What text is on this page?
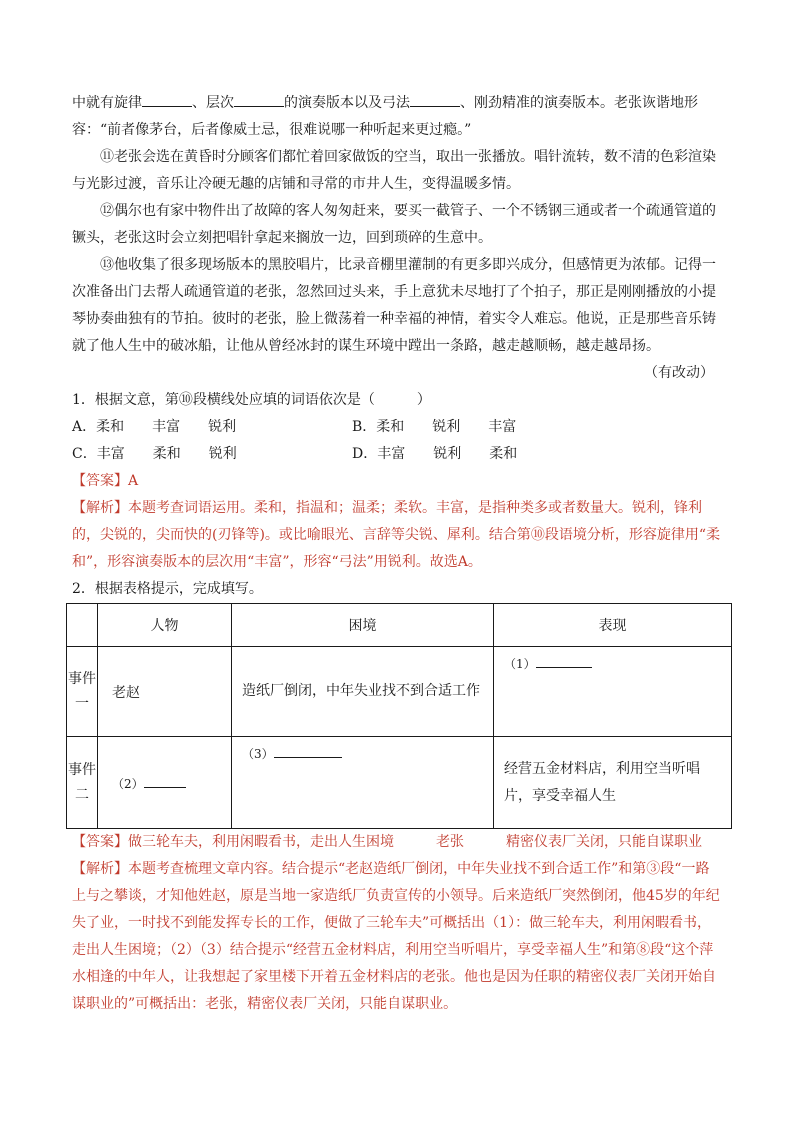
中就有旋律	、层次	的演奏版本以及弓法	、刚劲精准的演奏版本。老张诙谐地形容：“前者像茅台，后者像威士忌，很难说哪一种听起来更过瘾。”

⑪老张会选在黄昏时分顾客们都忙着回家做饭的空当，取出一张播放。唱针流转，数不清的色彩渲染与光影过渡，音乐让冷硬无趣的店铺和寻常的市井人生，变得温暖多情。

⑫偶尔也有家中物件出了故障的客人匆匆赶来，要买一截管子、一个不锈钢三通或者一个疏通管道的镢头，老张这时会立刻把唱针拿起来搁放一边，回到琐碎的生意中。

⑬他收集了很多现场版本的黑胶唱片，比录音棚里灌制的有更多即兴成分，但感情更为浓郁。记得一次准备出门去帮人疏通管道的老张，忽然回过头来，手上意犹未尽地打了个拍子，那正是刚刚播放的小提琴协奏曲独有的节拍。彼时的老张，脸上微荡着一种幸福的神情，着实令人难忘。他说，正是那些音乐铸就了他人生中的破冰船，让他从曾经冰封的谋生环境中蹚出一条路，越走越顺畅，越走越昂扬。

（有改动）

1．根据文意，第⑩段横线处应填的词语依次是（　　　）

A．柔和　　丰富　　锐利	B．柔和　　锐利　　丰富
C．丰富　　柔和　　锐利	D．丰富　　锐利　　柔和

【答案】A

【解析】本题考查词语运用。柔和，指温和；温柔；柔软。丰富，是指种类多或者数量大。锐利，锋利的，尖锐的，尖而快的(刃锋等)。或比喻眼光、言辞等尖锐、犀利。结合第⑩段语境分析，形容旋律用“柔和”，形容演奏版本的层次用“丰富”，形容“弓法”用锐利。故选A。

2．根据表格提示，完成填写。

	人物	困境	表现
事件一	老赵	造纸厂倒闭，中年失业找不到合适工作	（1）
事件二	（2）	（3）	经营五金材料店，利用空当听唱片，享受幸福人生

【答案】做三轮车夫，利用闲暇看书，走出人生困境　　　老张　　　精密仪表厂关闭，只能自谋职业

【解析】本题考查梳理文章内容。结合提示“老赵造纸厂倒闭，中年失业找不到合适工作”和第③段“一路上与之攀谈，才知他姓赵，原是当地一家造纸厂负责宣传的小领导。后来造纸厂突然倒闭，他45岁的年纪失了业，一时找不到能发挥专长的工作，便做了三轮车夫”可概括出（1）：做三轮车夫，利用闲暇看书，走出人生困境；（2）（3）结合提示“经营五金材料店，利用空当听唱片，享受幸福人生”和第⑧段“这个萍水相逢的中年人，让我想起了家里楼下开着五金材料店的老张。他也是因为任职的精密仪表厂关闭开始自谋职业的”可概括出：老张，精密仪表厂关闭，只能自谋职业。
